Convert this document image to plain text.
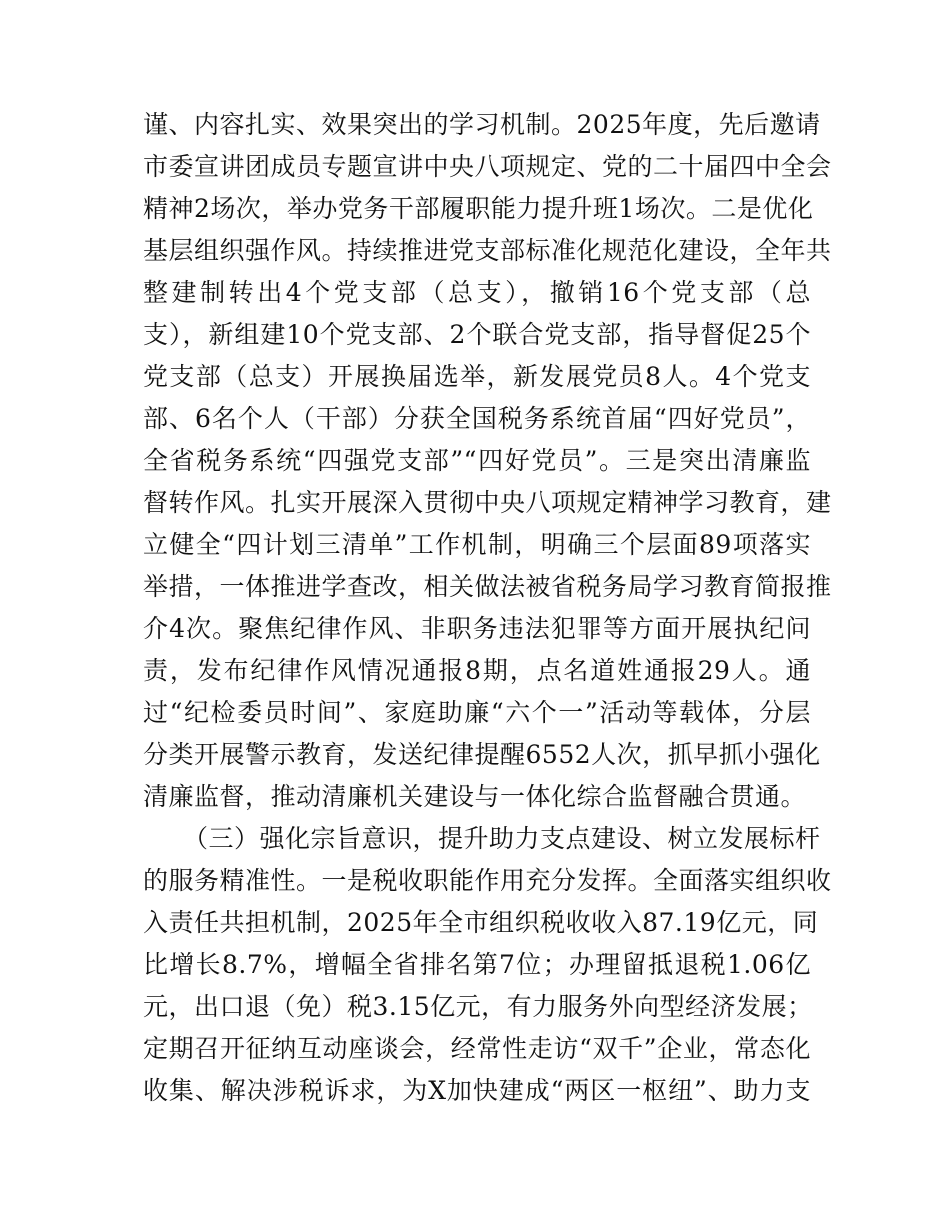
谨、内容扎实、效果突出的学习机制。2025年度，先后邀请
市委宣讲团成员专题宣讲中央八项规定、党的二十届四中全会
精神2场次，举办党务干部履职能力提升班1场次。二是优化
基层组织强作风。持续推进党支部标准化规范化建设，全年共
整建制转出4个党支部（总支），撤销16个党支部（总
支），新组建10个党支部、2个联合党支部，指导督促25个
党支部（总支）开展换届选举，新发展党员8人。4个党支
部、6名个人（干部）分获全国税务系统首届“四好党员”，
全省税务系统“四强党支部”“四好党员”。三是突出清廉监
督转作风。扎实开展深入贯彻中央八项规定精神学习教育，建
立健全“四计划三清单”工作机制，明确三个层面89项落实
举措，一体推进学查改，相关做法被省税务局学习教育简报推
介4次。聚焦纪律作风、非职务违法犯罪等方面开展执纪问
责，发布纪律作风情况通报8期，点名道姓通报29人。通
过“纪检委员时间”、家庭助廉“六个一”活动等载体，分层
分类开展警示教育，发送纪律提醒6552人次，抓早抓小强化
清廉监督，推动清廉机关建设与一体化综合监督融合贯通。
（三）强化宗旨意识，提升助力支点建设、树立发展标杆
的服务精准性。一是税收职能作用充分发挥。全面落实组织收
入责任共担机制，2025年全市组织税收收入87.19亿元，同
比增长8.7%，增幅全省排名第7位；办理留抵退税1.06亿
元，出口退（免）税3.15亿元，有力服务外向型经济发展；
定期召开征纳互动座谈会，经常性走访“双千”企业，常态化
收集、解决涉税诉求，为X加快建成“两区一枢纽”、助力支
